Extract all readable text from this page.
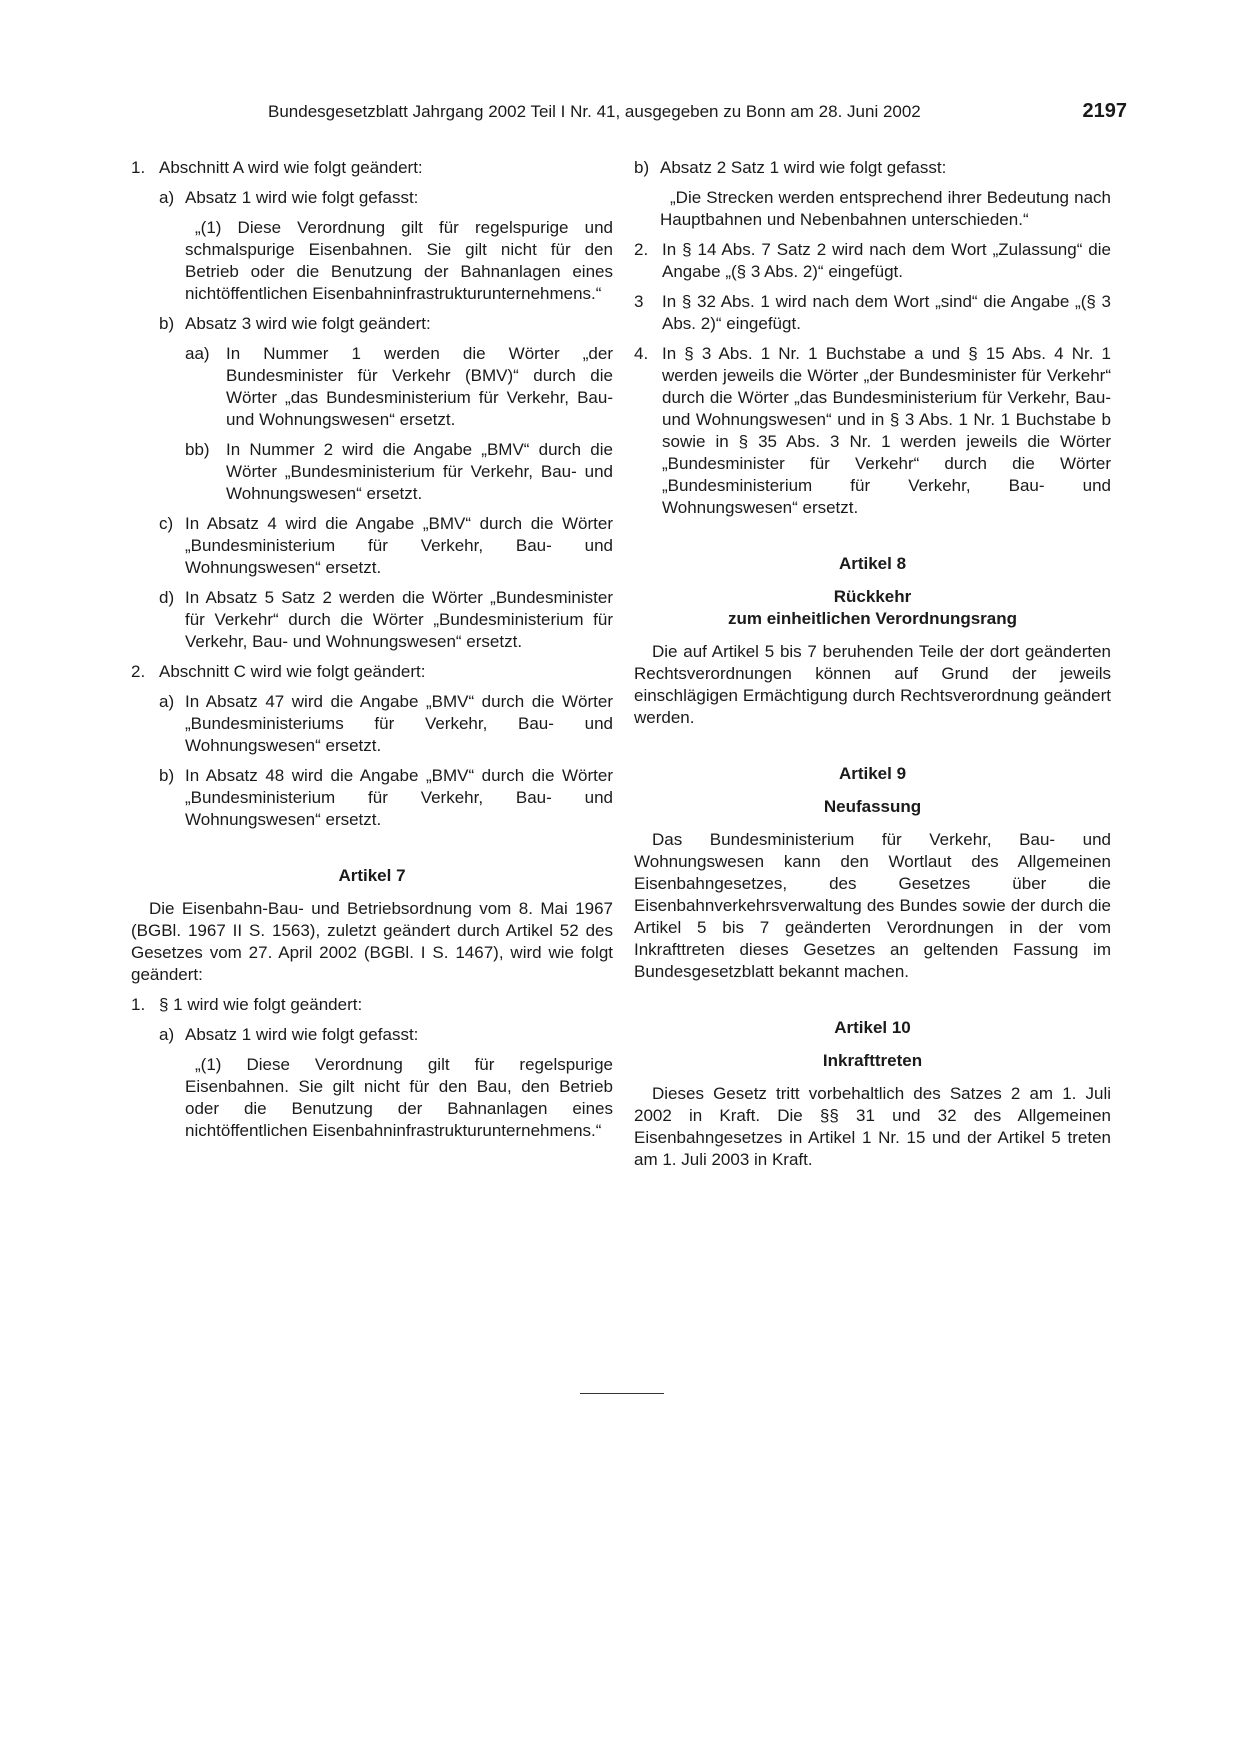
Bundesgesetzblatt Jahrgang 2002 Teil I Nr. 41, ausgegeben zu Bonn am 28. Juni 2002	2197
1. Abschnitt A wird wie folgt geändert:
a) Absatz 1 wird wie folgt gefasst:
„(1) Diese Verordnung gilt für regelspurige und schmalspurige Eisenbahnen. Sie gilt nicht für den Betrieb oder die Benutzung der Bahnanlagen eines nichtöffentlichen Eisenbahninfrastrukturunternehmens.“
b) Absatz 3 wird wie folgt geändert:
aa) In Nummer 1 werden die Wörter „der Bundesminister für Verkehr (BMV)“ durch die Wörter „das Bundesministerium für Verkehr, Bau- und Wohnungswesen“ ersetzt.
bb) In Nummer 2 wird die Angabe „BMV“ durch die Wörter „Bundesministerium für Verkehr, Bau- und Wohnungswesen“ ersetzt.
c) In Absatz 4 wird die Angabe „BMV“ durch die Wörter „Bundesministerium für Verkehr, Bau- und Wohnungswesen“ ersetzt.
d) In Absatz 5 Satz 2 werden die Wörter „Bundesminister für Verkehr“ durch die Wörter „Bundesministerium für Verkehr, Bau- und Wohnungswesen“ ersetzt.
2. Abschnitt C wird wie folgt geändert:
a) In Absatz 47 wird die Angabe „BMV“ durch die Wörter „Bundesministeriums für Verkehr, Bau- und Wohnungswesen“ ersetzt.
b) In Absatz 48 wird die Angabe „BMV“ durch die Wörter „Bundesministerium für Verkehr, Bau- und Wohnungswesen“ ersetzt.

Artikel 7

Die Eisenbahn-Bau- und Betriebsordnung vom 8. Mai 1967 (BGBl. 1967 II S. 1563), zuletzt geändert durch Artikel 52 des Gesetzes vom 27. April 2002 (BGBl. I S. 1467), wird wie folgt geändert:

1. § 1 wird wie folgt geändert:
a) Absatz 1 wird wie folgt gefasst:
„(1) Diese Verordnung gilt für regelspurige Eisenbahnen. Sie gilt nicht für den Bau, den Betrieb oder die Benutzung der Bahnanlagen eines nichtöffentlichen Eisenbahninfrastrukturunternehmens.“
b) Absatz 2 Satz 1 wird wie folgt gefasst:
„Die Strecken werden entsprechend ihrer Bedeutung nach Hauptbahnen und Nebenbahnen unterschieden.“
2. In § 14 Abs. 7 Satz 2 wird nach dem Wort „Zulassung“ die Angabe „(§ 3 Abs. 2)“ eingefügt.
3 In § 32 Abs. 1 wird nach dem Wort „sind“ die Angabe „(§ 3 Abs. 2)“ eingefügt.
4. In § 3 Abs. 1 Nr. 1 Buchstabe a und § 15 Abs. 4 Nr. 1 werden jeweils die Wörter „der Bundesminister für Verkehr“ durch die Wörter „das Bundesministerium für Verkehr, Bau- und Wohnungswesen“ und in § 3 Abs. 1 Nr. 1 Buchstabe b sowie in § 35 Abs. 3 Nr. 1 werden jeweils die Wörter „Bundesminister für Verkehr“ durch die Wörter „Bundesministerium für Verkehr, Bau- und Wohnungswesen“ ersetzt.

Artikel 8

Rückkehr

zum einheitlichen Verordnungsrang

Die auf Artikel 5 bis 7 beruhenden Teile der dort geänderten Rechtsverordnungen können auf Grund der jeweils einschlägigen Ermächtigung durch Rechtsverordnung geändert werden.

Artikel 9

Neufassung

Das Bundesministerium für Verkehr, Bau- und Wohnungswesen kann den Wortlaut des Allgemeinen Eisenbahngesetzes, des Gesetzes über die Eisenbahnverkehrsverwaltung des Bundes sowie der durch die Artikel 5 bis 7 geänderten Verordnungen in der vom Inkrafttreten dieses Gesetzes an geltenden Fassung im Bundesgesetzblatt bekannt machen.

Artikel 10

Inkrafttreten

Dieses Gesetz tritt vorbehaltlich des Satzes 2 am 1. Juli 2002 in Kraft. Die §§ 31 und 32 des Allgemeinen Eisenbahngesetzes in Artikel 1 Nr. 15 und der Artikel 5 treten am 1. Juli 2003 in Kraft.
